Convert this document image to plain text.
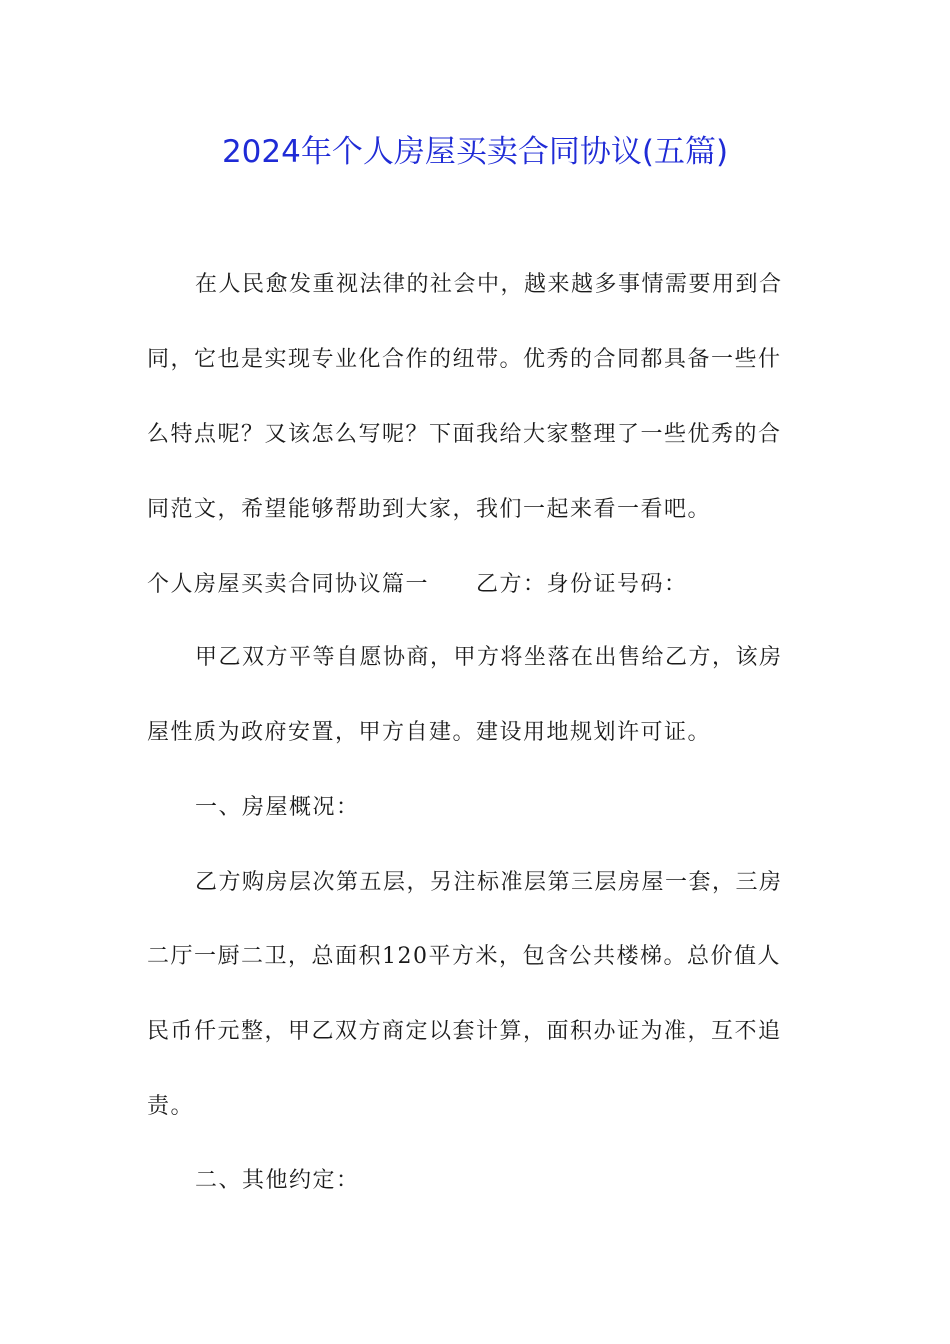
2024年个人房屋买卖合同协议(五篇)
在人民愈发重视法律的社会中，越来越多事情需要用到合
同，它也是实现专业化合作的纽带。优秀的合同都具备一些什
么特点呢？又该怎么写呢？下面我给大家整理了一些优秀的合
同范文，希望能够帮助到大家，我们一起来看一看吧。
个人房屋买卖合同协议篇一　　乙方：身份证号码：
甲乙双方平等自愿协商，甲方将坐落在出售给乙方，该房
屋性质为政府安置，甲方自建。建设用地规划许可证。
一、房屋概况：
乙方购房层次第五层，另注标准层第三层房屋一套，三房
二厅一厨二卫，总面积120平方米，包含公共楼梯。总价值人
民币仟元整，甲乙双方商定以套计算，面积办证为准，互不追
责。
二、其他约定：
